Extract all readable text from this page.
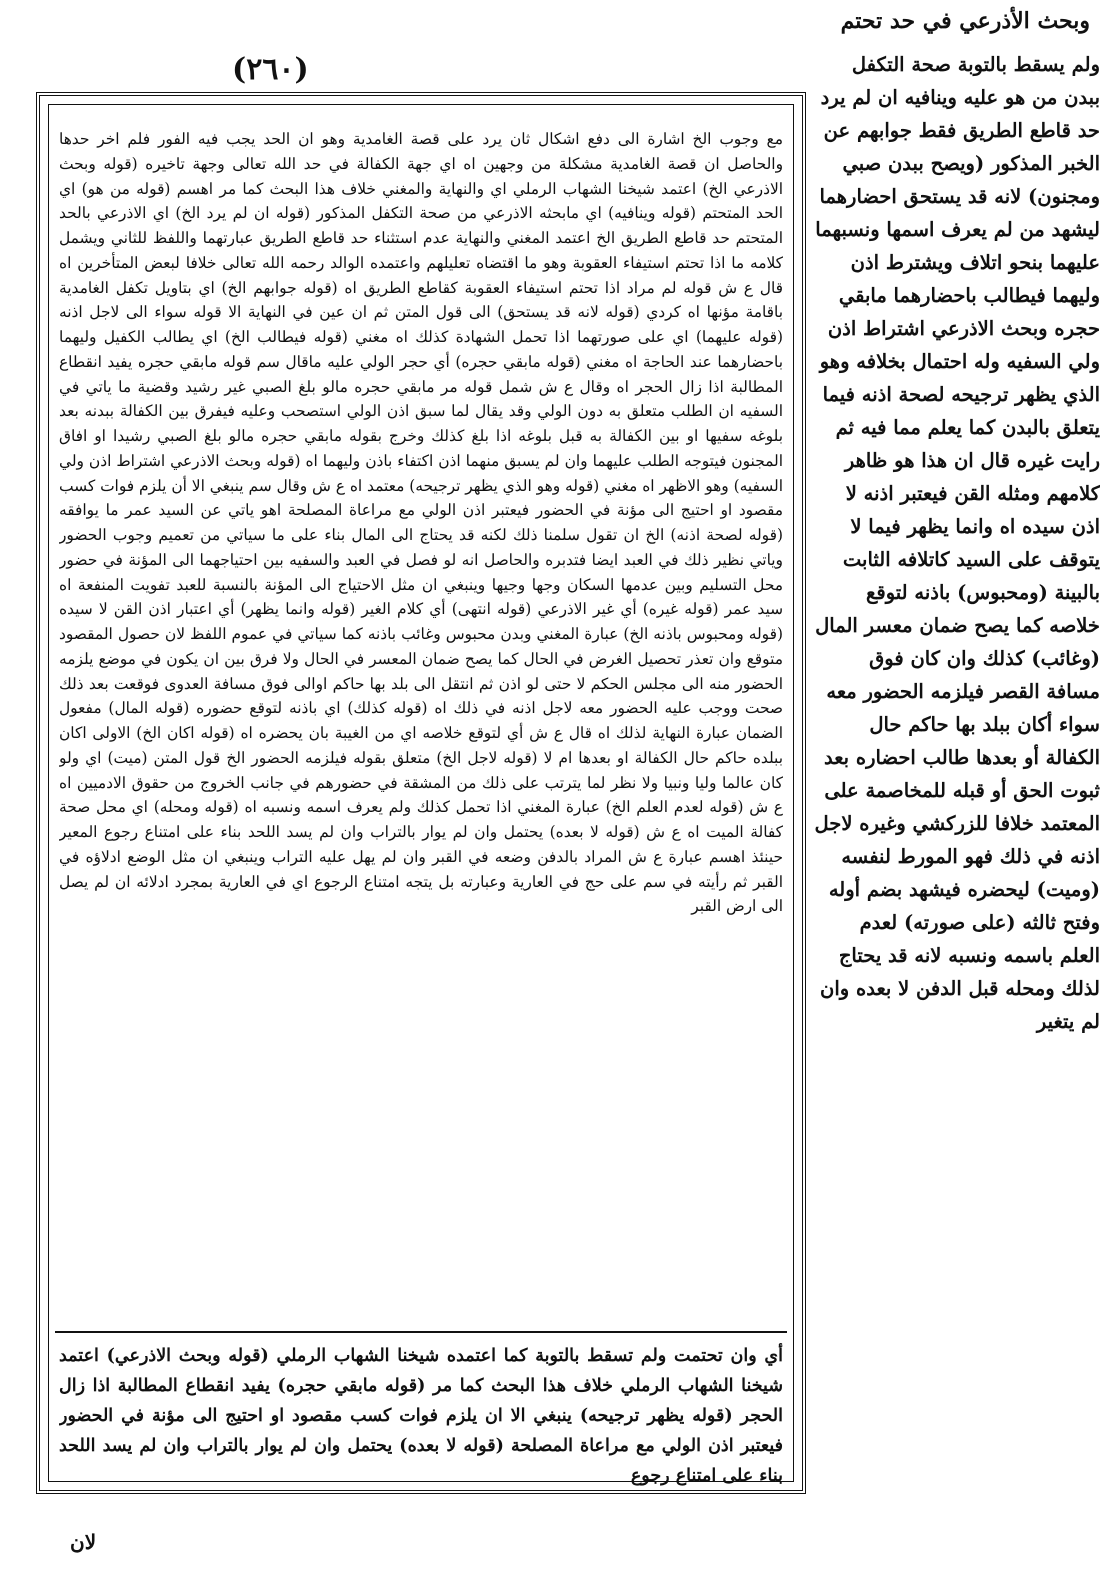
(٢٦٠)
وبحث الأذرعي في حد تحتم

ولم يسقط بالتوبة صحة التكفل ببدن من هو عليه وينافيه ان لم يرد حد قاطع الطريق فقط جوابهم عن الخبر المذكور (ويصح ببدن صبي ومجنون) لانه قد يستحق احضارهما ليشهد من لم يعرف اسمها ونسبهما عليهما بنحو اتلاف ويشترط اذن وليهما فيطالب باحضارهما مابقي حجره وبحث الاذرعي اشتراط اذن ولي السفيه وله احتمال بخلافه وهو الذي يظهر ترجيحه لصحة اذنه فيما يتعلق بالبدن كما يعلم مما فيه ثم رايت غيره قال ان هذا هو ظاهر كلامهم ومثله القن فيعتبر اذنه لا اذن سيده اه وانما يظهر فيما لا يتوقف على السيد كاتلافه الثابت بالبينة (ومحبوس) باذنه لتوقع خلاصه كما يصح ضمان معسر المال (وغائب) كذلك وان كان فوق مسافة القصر فيلزمه الحضور معه سواء أكان ببلد بها حاكم حال الكفالة أو بعدها طالب احضاره بعد ثبوت الحق أو قبله للمخاصمة على المعتمد خلافا للزركشي وغيره لاجل اذنه في ذلك فهو المورط لنفسه (وميت) ليحضره فيشهد بضم أوله وفتح ثالثه (على صورته) لعدم العلم باسمه ونسبه لانه قد يحتاج لذلك ومحله قبل الدفن لا بعده وان لم يتغير

مع وجوب الخ اشارة الى دفع اشكال ثان يرد على قصة الغامدية وهو ان الحد يجب فيه الفور فلم اخر حدها والحاصل ان قصة الغامدية مشكلة من وجهين اه اي جهة الكفالة في حد الله تعالى وجهة تاخيره (قوله وبحث الاذرعي الخ) اعتمد شيخنا الشهاب الرملي اي والنهاية والمغني خلاف هذا البحث كما مر اهسم (قوله من هو) اي الحد المتحتم (قوله وينافيه) اي مابحثه الاذرعي من صحة التكفل المذكور (قوله ان لم يرد الخ) اي الاذرعي بالحد المتحتم حد قاطع الطريق الخ اعتمد المغني والنهاية عدم استثناء حد قاطع الطريق عبارتهما واللفظ للثاني ويشمل كلامه ما اذا تحتم استيفاء العقوبة وهو ما اقتضاه تعليلهم واعتمده الوالد رحمه الله تعالى خلافا لبعض المتأخرين اه قال ع ش قوله لم مراد اذا تحتم استيفاء العقوبة كقاطع الطريق اه (قوله جوابهم الخ) اي بتاويل تكفل الغامدية باقامة مؤنها اه كردي (قوله لانه قد يستحق) الى قول المتن ثم ان عين في النهاية الا قوله سواء الى لاجل اذنه (قوله عليهما) اي على صورتهما اذا تحمل الشهادة كذلك اه مغني (قوله فيطالب الخ) اي يطالب الكفيل وليهما باحضارهما عند الحاجة اه مغني (قوله مابقي حجره) أي حجر الولي عليه ماقال سم قوله مابقي حجره يفيد انقطاع المطالبة اذا زال الحجر اه وقال ع ش شمل قوله مر مابقي حجره مالو بلغ الصبي غير رشيد وقضية ما ياتي في السفيه ان الطلب متعلق به دون الولي وقد يقال لما سبق اذن الولي استصحب وعليه فيفرق بين الكفالة ببدنه بعد بلوغه سفيها او بين الكفالة به قبل بلوغه اذا بلغ كذلك وخرج بقوله مابقي حجره مالو بلغ الصبي رشيدا او افاق المجنون فيتوجه الطلب عليهما وان لم يسبق منهما اذن اكتفاء باذن وليهما اه (قوله وبحث الاذرعي اشتراط اذن ولي السفيه) وهو الاظهر اه مغني (قوله وهو الذي يظهر ترجيحه) معتمد اه ع ش وقال سم ينبغي الا أن يلزم فوات كسب مقصود او احتيج الى مؤنة في الحضور فيعتبر اذن الولي مع مراعاة المصلحة اهو ياتي عن السيد عمر ما يوافقه (قوله لصحة اذنه) الخ ان تقول سلمنا ذلك لكنه قد يحتاج الى المال بناء على ما سياتي من تعميم وجوب الحضور وياتي نظير ذلك في العبد ايضا فتدبره والحاصل انه لو فصل في العبد والسفيه بين احتياجهما الى المؤنة في حضور محل التسليم وبين عدمها السكان وجها وجيها وينبغي ان مثل الاحتياج الى المؤنة بالنسبة للعبد تفويت المنفعة اه سيد عمر (قوله غيره) أي غير الاذرعي (قوله انتهى) أي كلام الغير (قوله وانما يظهر) أي اعتبار اذن القن لا سيده (قوله ومحبوس باذنه الخ) عبارة المغني وبدن محبوس وغائب باذنه كما سياتي في عموم اللفظ لان حصول المقصود متوقع وان تعذر تحصيل الغرض في الحال كما يصح ضمان المعسر في الحال ولا فرق بين ان يكون في موضع يلزمه الحضور منه الى مجلس الحكم لا حتى لو اذن ثم انتقل الى بلد بها حاكم اوالى فوق مسافة العدوى فوقعت بعد ذلك صحت ووجب عليه الحضور معه لاجل اذنه في ذلك اه (قوله كذلك) اي باذنه لتوقع حضوره (قوله المال) مفعول الضمان عبارة النهاية لذلك اه قال ع ش أي لتوقع خلاصه اي من الغيبة بان يحضره اه (قوله اكان الخ) الاولى اكان ببلده حاكم حال الكفالة او بعدها ام لا (قوله لاجل الخ) متعلق بقوله فيلزمه الحضور الخ قول المتن (ميت) اي ولو كان عالما وليا ونبيا ولا نظر لما يترتب على ذلك من المشقة في حضورهم في جانب الخروج من حقوق الادميين اه ع ش (قوله لعدم العلم الخ) عبارة المغني اذا تحمل كذلك ولم يعرف اسمه ونسبه اه (قوله ومحله) اي محل صحة كفالة الميت اه ع ش (قوله لا بعده) يحتمل وان لم يوار بالتراب وان لم يسد اللحد بناء على امتناع رجوع المعير حينئذ اهسم عبارة ع ش المراد بالدفن وضعه في القبر وان لم يهل عليه التراب وينبغي ان مثل الوضع ادلاؤه في القبر ثم رأيته في سم على حج في العارية وعبارته بل يتجه امتناع الرجوع اي في العارية بمجرد ادلائه ان لم يصل الى ارض القبر

أي وان تحتمت ولم تسقط بالتوبة كما اعتمده شيخنا الشهاب الرملي (قوله وبحث الاذرعي) اعتمد شيخنا الشهاب الرملي خلاف هذا البحث كما مر (قوله مابقي حجره) يفيد انقطاع المطالبة اذا زال الحجر (قوله يظهر ترجيحه) ينبغي الا ان يلزم فوات كسب مقصود او احتيج الى مؤنة في الحضور فيعتبر اذن الولي مع مراعاة المصلحة (قوله لا بعده) يحتمل وان لم يوار بالتراب وان لم يسد اللحد بناء على امتناع رجوع

لان
